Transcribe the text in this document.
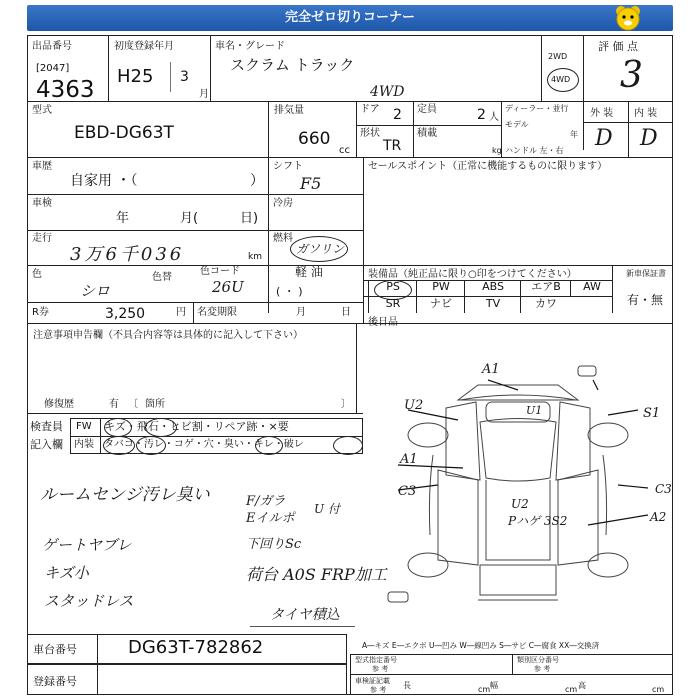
完全ゼロ切りコーナー
出品番号
[2047]
4363
初度登録年月
H25 3
月
車名・グレード
スクラム トラック
4WD
2WD
4WD
評 価 点
3
型式
EBD-DG63T
排気量
660
cc
ドア 2 定員	2 人
形状
TR
積載
kg
ディーラー・並行
モデル
年
ハンドル 左・右
外 装 内 装
D D
車歴
自家用 ・（	）
シフト
F5
車検
年	月(	日)
冷房
走行
3万6千036	km
燃料
ガソリン
軽 油
( ・ )
色
シロ
色替
色コード
26U
セールスポイント（正常に機能するものに限ります）
装備品（純正品に限り○印をつけてください）	新車保証書
有・無
R券	3,250	円 名変期限	月	日
後日品
注意事項申告欄（不具合内容等は具体的に記入して下さい）
修復歴	有 〔 箇所	〕
検査員
記入欄
FW
内装
キズ・飛石・ヒビ割・リペア跡・×要
タバコ・汚レ・コゲ・穴・臭い・キレ・破レ
ルームセンジ汚レ臭い
ゲートヤブレ
キズ小
スタッドレス
F/ガラ
Eイルポ
U 付
下回りSc
荷台 A0S FRP加工
タイヤ積込
A1
U2	U1	S1
A1
C3	C3
U2
Pハゲ 3S2	A2
A―キズ E―エクボ U―凹み W―線凹み S―サビ C―腐食 XX―交換済
車台番号	DG63T-782862
登録番号
型式指定番号
参 考
類別区分番号
参 考
車検証記載
参 考 長	cm 幅	cm 高	cm
PS	PW	ABS	エアB	AW
SR	ナビ	TV	カワ
